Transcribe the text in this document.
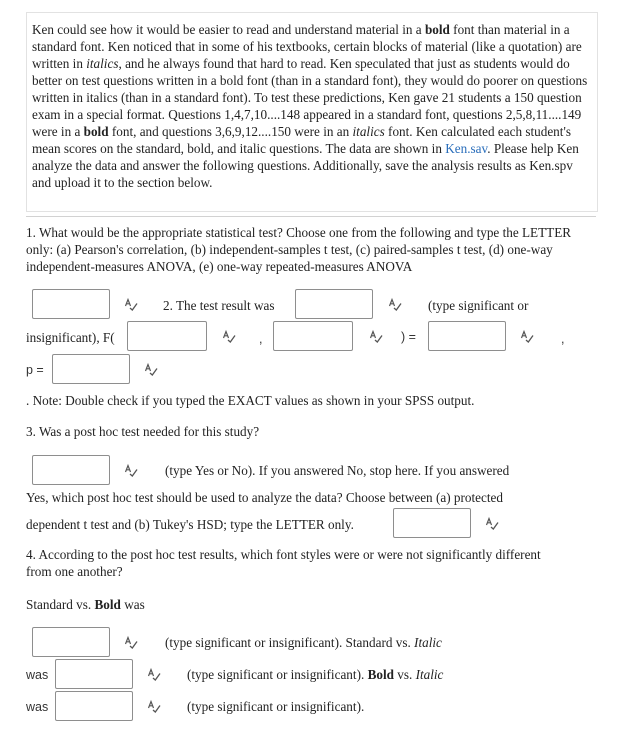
Ken could see how it would be easier to read and understand material in a bold font than material in a standard font. Ken noticed that in some of his textbooks, certain blocks of material (like a quotation) are written in italics, and he always found that hard to read. Ken speculated that just as students would do better on test questions written in a bold font (than in a standard font), they would do poorer on questions written in italics (than in a standard font). To test these predictions, Ken gave 21 students a 150 question exam in a special format. Questions 1,4,7,10....148 appeared in a standard font, questions 2,5,8,11....149 were in a bold font, and questions 3,6,9,12....150 were in an italics font. Ken calculated each student's mean scores on the standard, bold, and italic questions. The data are shown in Ken.sav. Please help Ken analyze the data and answer the following questions. Additionally, save the analysis results as Ken.spv and upload it to the section below.

1. What would be the appropriate statistical test? Choose one from the following and type the LETTER only: (a) Pearson's correlation, (b) independent-samples t test, (c) paired-samples t test, (d) one-way independent-measures ANOVA, (e) one-way repeated-measures ANOVA

2. The test result was	(type significant or
insignificant), F(	,	) =	,
p =
. Note: Double check if you typed the EXACT values as shown in your SPSS output.
3. Was a post hoc test needed for this study?
(type Yes or No). If you answered No, stop here. If you answered
Yes, which post hoc test should be used to analyze the data? Choose between (a) protected
dependent t test and (b) Tukey's HSD; type the LETTER only.

4. According to the post hoc test results, which font styles were or were not significantly different from one another?

Standard vs. Bold was
(type significant or insignificant). Standard vs. Italic
was	(type significant or insignificant). Bold vs. Italic
was	(type significant or insignificant).
